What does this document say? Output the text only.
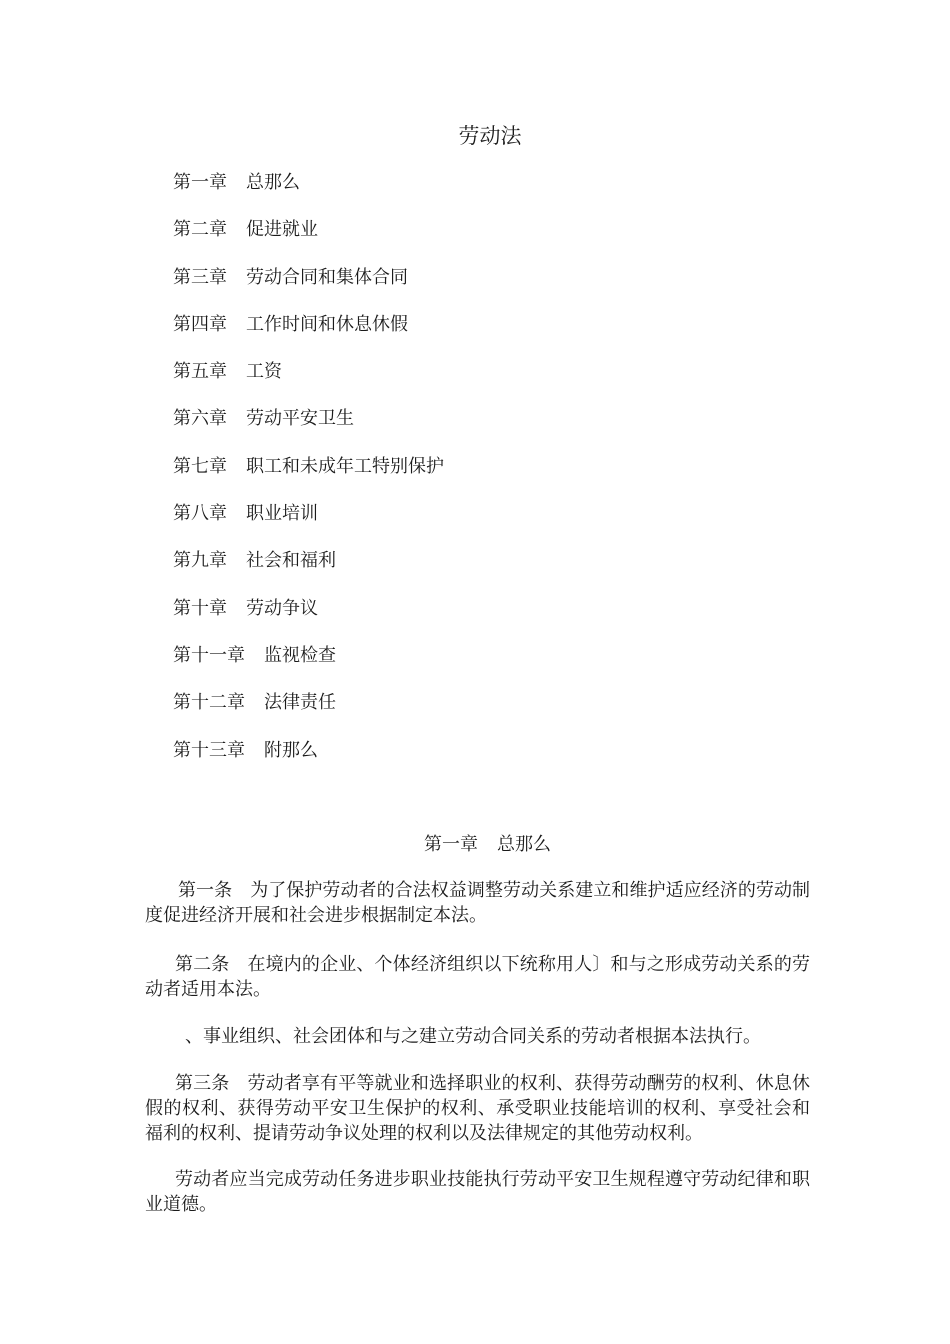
劳动法
第一章 总那么
第二章 促进就业
第三章 劳动合同和集体合同
第四章 工作时间和休息休假
第五章 工资
第六章 劳动平安卫生
第七章 职工和未成年工特别保护
第八章 职业培训
第九章 社会和福利
第十章 劳动争议
第十一章 监视检查
第十二章 法律责任
第十三章 附那么
第一章 总那么

第一条 为了保护劳动者的合法权益调整劳动关系建立和维护适应经济的劳动制度促进经济开展和社会进步根据制定本法。

第二条 在境内的企业、个体经济组织以下统称用人〕和与之形成劳动关系的劳动者适用本法。

、事业组织、社会团体和与之建立劳动合同关系的劳动者根据本法执行。

第三条 劳动者享有平等就业和选择职业的权利、获得劳动酬劳的权利、休息休假的权利、获得劳动平安卫生保护的权利、承受职业技能培训的权利、享受社会和福利的权利、提请劳动争议处理的权利以及法律规定的其他劳动权利。

劳动者应当完成劳动任务进步职业技能执行劳动平安卫生规程遵守劳动纪律和职业道德。
